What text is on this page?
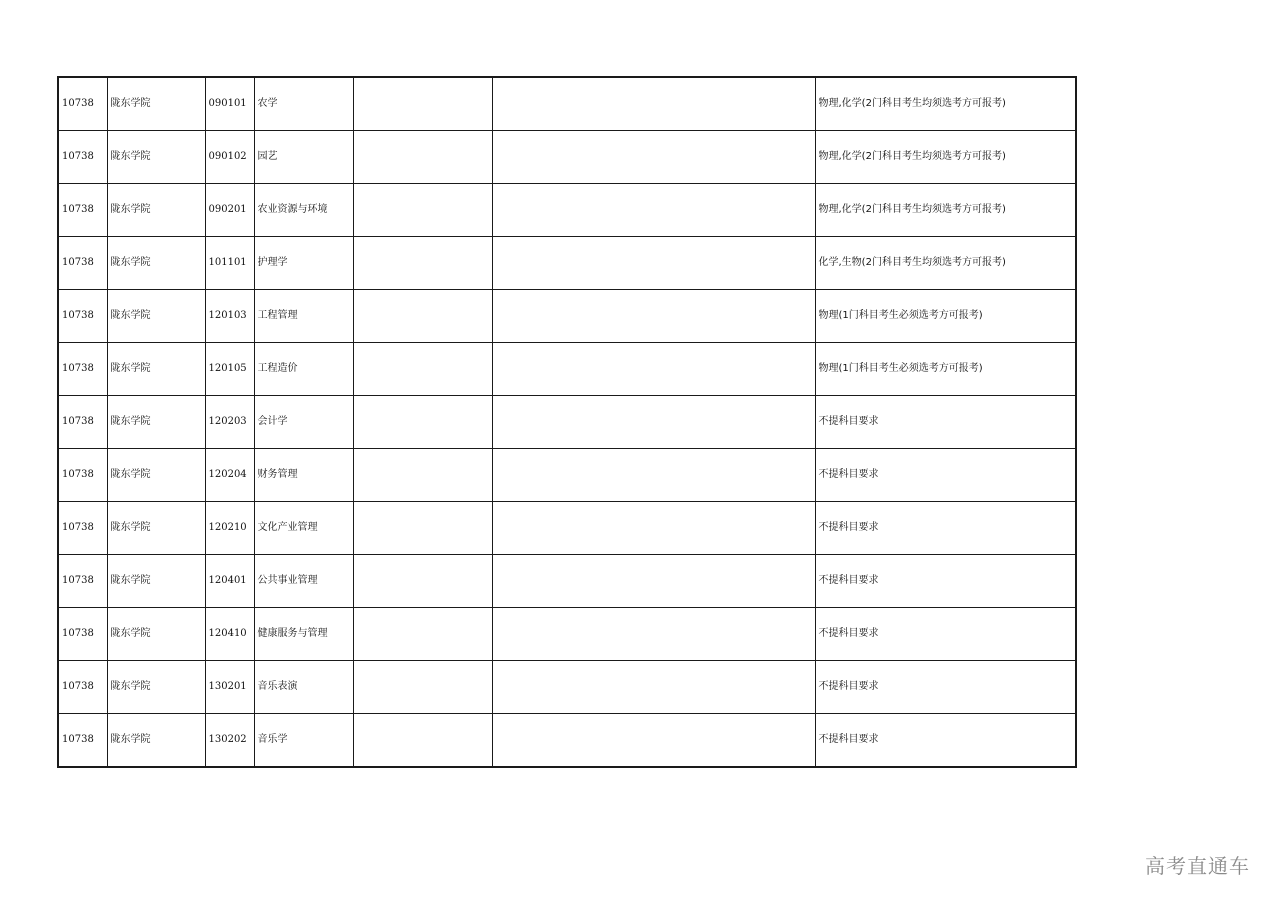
10738	陇东学院	090101	农学			物理,化学(2门科目考生均须选考方可报考)
10738	陇东学院	090102	园艺			物理,化学(2门科目考生均须选考方可报考)
10738	陇东学院	090201	农业资源与环境			物理,化学(2门科目考生均须选考方可报考)
10738	陇东学院	101101	护理学			化学,生物(2门科目考生均须选考方可报考)
10738	陇东学院	120103	工程管理			物理(1门科目考生必须选考方可报考)
10738	陇东学院	120105	工程造价			物理(1门科目考生必须选考方可报考)
10738	陇东学院	120203	会计学			不提科目要求
10738	陇东学院	120204	财务管理			不提科目要求
10738	陇东学院	120210	文化产业管理			不提科目要求
10738	陇东学院	120401	公共事业管理			不提科目要求
10738	陇东学院	120410	健康服务与管理			不提科目要求
10738	陇东学院	130201	音乐表演			不提科目要求
10738	陇东学院	130202	音乐学			不提科目要求
高考直通车
